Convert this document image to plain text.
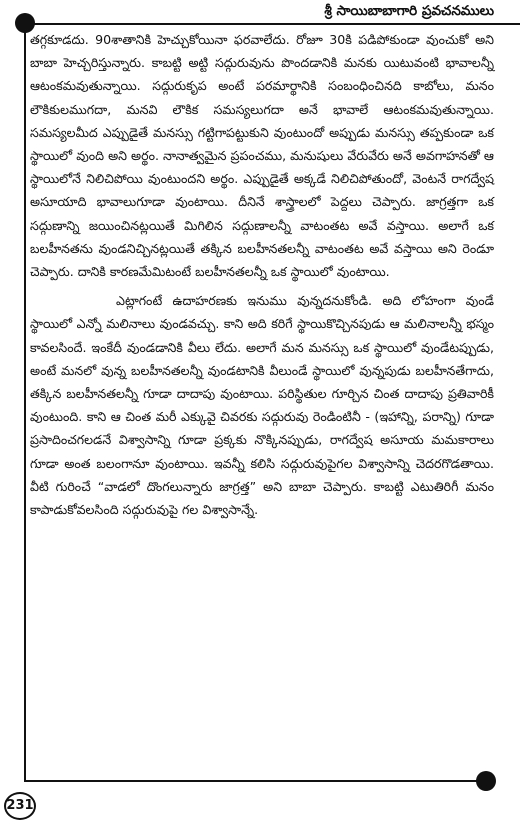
శ్రీ సాయిబాబాగారి ప్రవచనములు

తగ్గకూడదు. 90శాతానికి హెచ్చుకోయినా ఫరవాలేదు. రోజూ 30కి పడిపోకుండా వుంచుకో అని బాబా హెచ్చరిస్తున్నారు. కాబట్టి అట్టి సద్గురువును పొందడానికి మనకు యిటువంటి భావాలన్నీ ఆటంకమవుతున్నాయి. సద్గురుకృప అంటే పరమార్థానికి సంబంధించినది కాబోలు, మనం లౌకికులముగదా, మనవి లౌకిక సమస్యలుగదా అనే భావాలే ఆటంకమవుతున్నాయి. సమస్యలమీద ఎప్పుడైతే మనస్సు గట్టిగాపట్టుకుని వుంటుందో అప్పుడు మనస్సు తప్పకుండా ఒక స్థాయిలో వుంది అని అర్థం. నానాత్వమైన ప్రపంచము, మనుషులు వేరువేరు అనే అవగాహనతో ఆ స్థాయిలోనే నిలిచిపోయి వుంటుందని అర్థం. ఎప్పుడైతే అక్కడే నిలిచిపోతుందో, వెంటనే రాగద్వేష అసూయాది భావాలుగూడా వుంటాయి. దీనినే శాస్త్రాలలో పెద్దలు చెప్పారు. జాగ్రత్తగా ఒక సద్గుణాన్ని జయించినట్లయితే మిగిలిన సద్గుణాలన్నీ వాటంతట అవే వస్తాయి. అలాగే ఒక బలహీనతను వుండనిచ్చినట్లయితే తక్కిన బలహీనతలన్నీ వాటంతట అవే వస్తాయి అని రెండూ చెప్పారు. దానికి కారణమేమిటంటే బలహీనతలన్నీ ఒక స్థాయిలో వుంటాయి.

ఎట్లాగంటే ఉదాహరణకు ఇనుము వున్నదనుకోండి. అది లోహంగా వుండే స్థాయిలో ఎన్నో మలినాలు వుండవచ్చు. కాని అది కరిగే స్థాయికొచ్చినపుడు ఆ మలినాలన్నీ భస్మం కావలసిందే. ఇంకేదీ వుండడానికి వీలు లేదు. అలాగే మన మనస్సు ఒక స్థాయిలో వుండేటప్పుడు, అంటే మనలో వున్న బలహీనతలన్నీ వుండటానికి వీలుండే స్థాయిలో వున్నపుడు బలహీనతేగాదు, తక్కిన బలహీనతలన్నీ గూడా దాదాపు వుంటాయి. పరిస్థితుల గూర్చిన చింత దాదాపు ప్రతివారికీ వుంటుంది. కాని ఆ చింత మరీ ఎక్కువై చివరకు సద్గురువు రెండింటినీ - (ఇహాన్ని, పరాన్ని) గూడా ప్రసాదించగలడనే విశ్వాసాన్ని గూడా ప్రక్కకు నొక్కినప్పుడు, రాగద్వేష అసూయ మమకారాలు గూడా అంత బలంగానూ వుంటాయి. ఇవన్నీ కలిసి సద్గురువుపైగల విశ్వాసాన్ని చెదరగొడతాయి. వీటి గురించే “వాడలో దొంగలున్నారు జాగ్రత్త” అని బాబా చెప్పారు. కాబట్టి ఎటుతిరిగీ మనం కాపాడుకోవలసింది సద్గురువుపై గల విశ్వాసాన్నే.

231
